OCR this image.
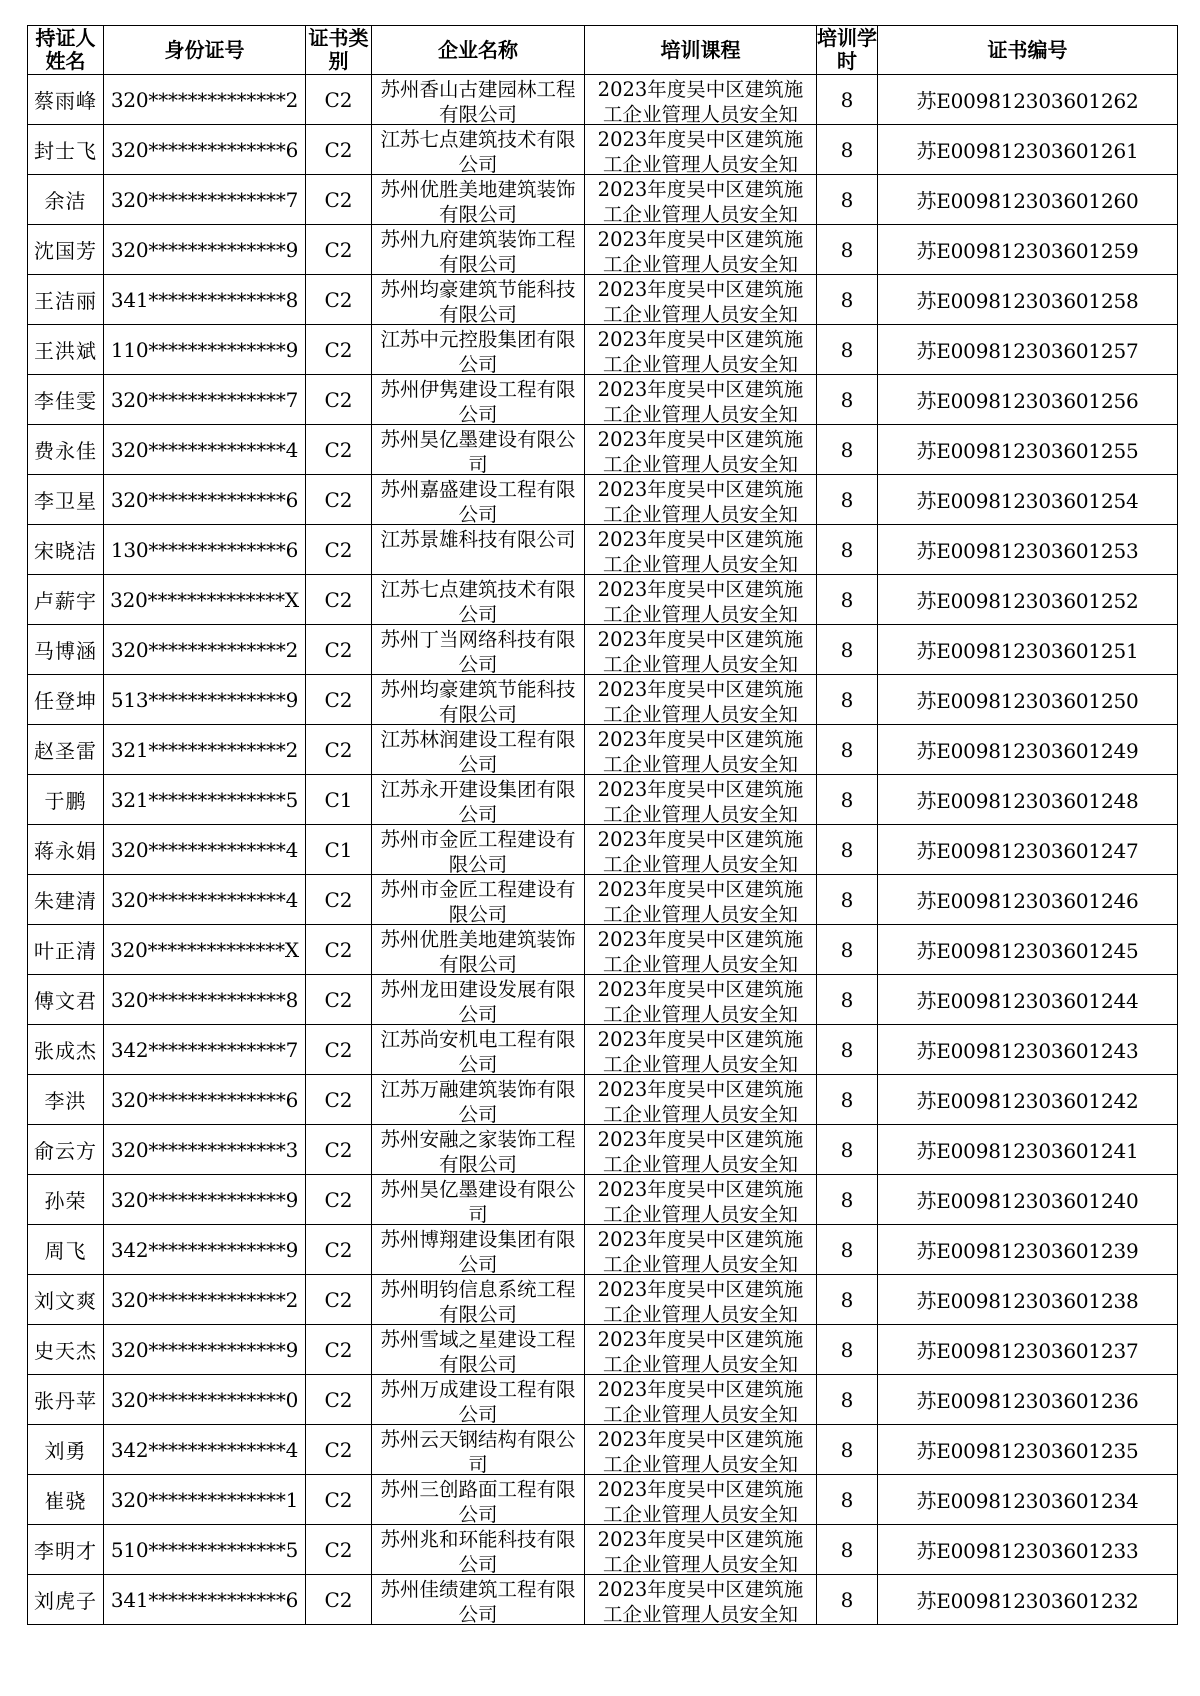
持证人姓名	身份证号	证书类别	企业名称	培训课程	培训学时	证书编号
蔡雨峰	320**************2	C2	苏州香山古建园林工程有限公司	2023年度吴中区建筑施工企业管理人员安全知	8	苏E009812303601262
封士飞	320**************6	C2	江苏七点建筑技术有限公司	2023年度吴中区建筑施工企业管理人员安全知	8	苏E009812303601261
余洁	320**************7	C2	苏州优胜美地建筑装饰有限公司	2023年度吴中区建筑施工企业管理人员安全知	8	苏E009812303601260
沈国芳	320**************9	C2	苏州九府建筑装饰工程有限公司	2023年度吴中区建筑施工企业管理人员安全知	8	苏E009812303601259
王洁丽	341**************8	C2	苏州均豪建筑节能科技有限公司	2023年度吴中区建筑施工企业管理人员安全知	8	苏E009812303601258
王洪斌	110**************9	C2	江苏中元控股集团有限公司	2023年度吴中区建筑施工企业管理人员安全知	8	苏E009812303601257
李佳雯	320**************7	C2	苏州伊隽建设工程有限公司	2023年度吴中区建筑施工企业管理人员安全知	8	苏E009812303601256
费永佳	320**************4	C2	苏州昊亿墨建设有限公司	2023年度吴中区建筑施工企业管理人员安全知	8	苏E009812303601255
李卫星	320**************6	C2	苏州嘉盛建设工程有限公司	2023年度吴中区建筑施工企业管理人员安全知	8	苏E009812303601254
宋晓洁	130**************6	C2	江苏景雄科技有限公司	2023年度吴中区建筑施工企业管理人员安全知	8	苏E009812303601253
卢薪宇	320**************X	C2	江苏七点建筑技术有限公司	2023年度吴中区建筑施工企业管理人员安全知	8	苏E009812303601252
马博涵	320**************2	C2	苏州丁当网络科技有限公司	2023年度吴中区建筑施工企业管理人员安全知	8	苏E009812303601251
任登坤	513**************9	C2	苏州均豪建筑节能科技有限公司	2023年度吴中区建筑施工企业管理人员安全知	8	苏E009812303601250
赵圣雷	321**************2	C2	江苏林润建设工程有限公司	2023年度吴中区建筑施工企业管理人员安全知	8	苏E009812303601249
于鹏	321**************5	C1	江苏永开建设集团有限公司	2023年度吴中区建筑施工企业管理人员安全知	8	苏E009812303601248
蒋永娟	320**************4	C1	苏州市金匠工程建设有限公司	2023年度吴中区建筑施工企业管理人员安全知	8	苏E009812303601247
朱建清	320**************4	C2	苏州市金匠工程建设有限公司	2023年度吴中区建筑施工企业管理人员安全知	8	苏E009812303601246
叶正清	320**************X	C2	苏州优胜美地建筑装饰有限公司	2023年度吴中区建筑施工企业管理人员安全知	8	苏E009812303601245
傅文君	320**************8	C2	苏州龙田建设发展有限公司	2023年度吴中区建筑施工企业管理人员安全知	8	苏E009812303601244
张成杰	342**************7	C2	江苏尚安机电工程有限公司	2023年度吴中区建筑施工企业管理人员安全知	8	苏E009812303601243
李洪	320**************6	C2	江苏万融建筑装饰有限公司	2023年度吴中区建筑施工企业管理人员安全知	8	苏E009812303601242
俞云方	320**************3	C2	苏州安融之家装饰工程有限公司	2023年度吴中区建筑施工企业管理人员安全知	8	苏E009812303601241
孙荣	320**************9	C2	苏州昊亿墨建设有限公司	2023年度吴中区建筑施工企业管理人员安全知	8	苏E009812303601240
周飞	342**************9	C2	苏州博翔建设集团有限公司	2023年度吴中区建筑施工企业管理人员安全知	8	苏E009812303601239
刘文爽	320**************2	C2	苏州明钧信息系统工程有限公司	2023年度吴中区建筑施工企业管理人员安全知	8	苏E009812303601238
史天杰	320**************9	C2	苏州雪域之星建设工程有限公司	2023年度吴中区建筑施工企业管理人员安全知	8	苏E009812303601237
张丹苹	320**************0	C2	苏州万成建设工程有限公司	2023年度吴中区建筑施工企业管理人员安全知	8	苏E009812303601236
刘勇	342**************4	C2	苏州云天钢结构有限公司	2023年度吴中区建筑施工企业管理人员安全知	8	苏E009812303601235
崔骁	320**************1	C2	苏州三创路面工程有限公司	2023年度吴中区建筑施工企业管理人员安全知	8	苏E009812303601234
李明才	510**************5	C2	苏州兆和环能科技有限公司	2023年度吴中区建筑施工企业管理人员安全知	8	苏E009812303601233
刘虎子	341**************6	C2	苏州佳绩建筑工程有限公司	2023年度吴中区建筑施工企业管理人员安全知	8	苏E009812303601232
